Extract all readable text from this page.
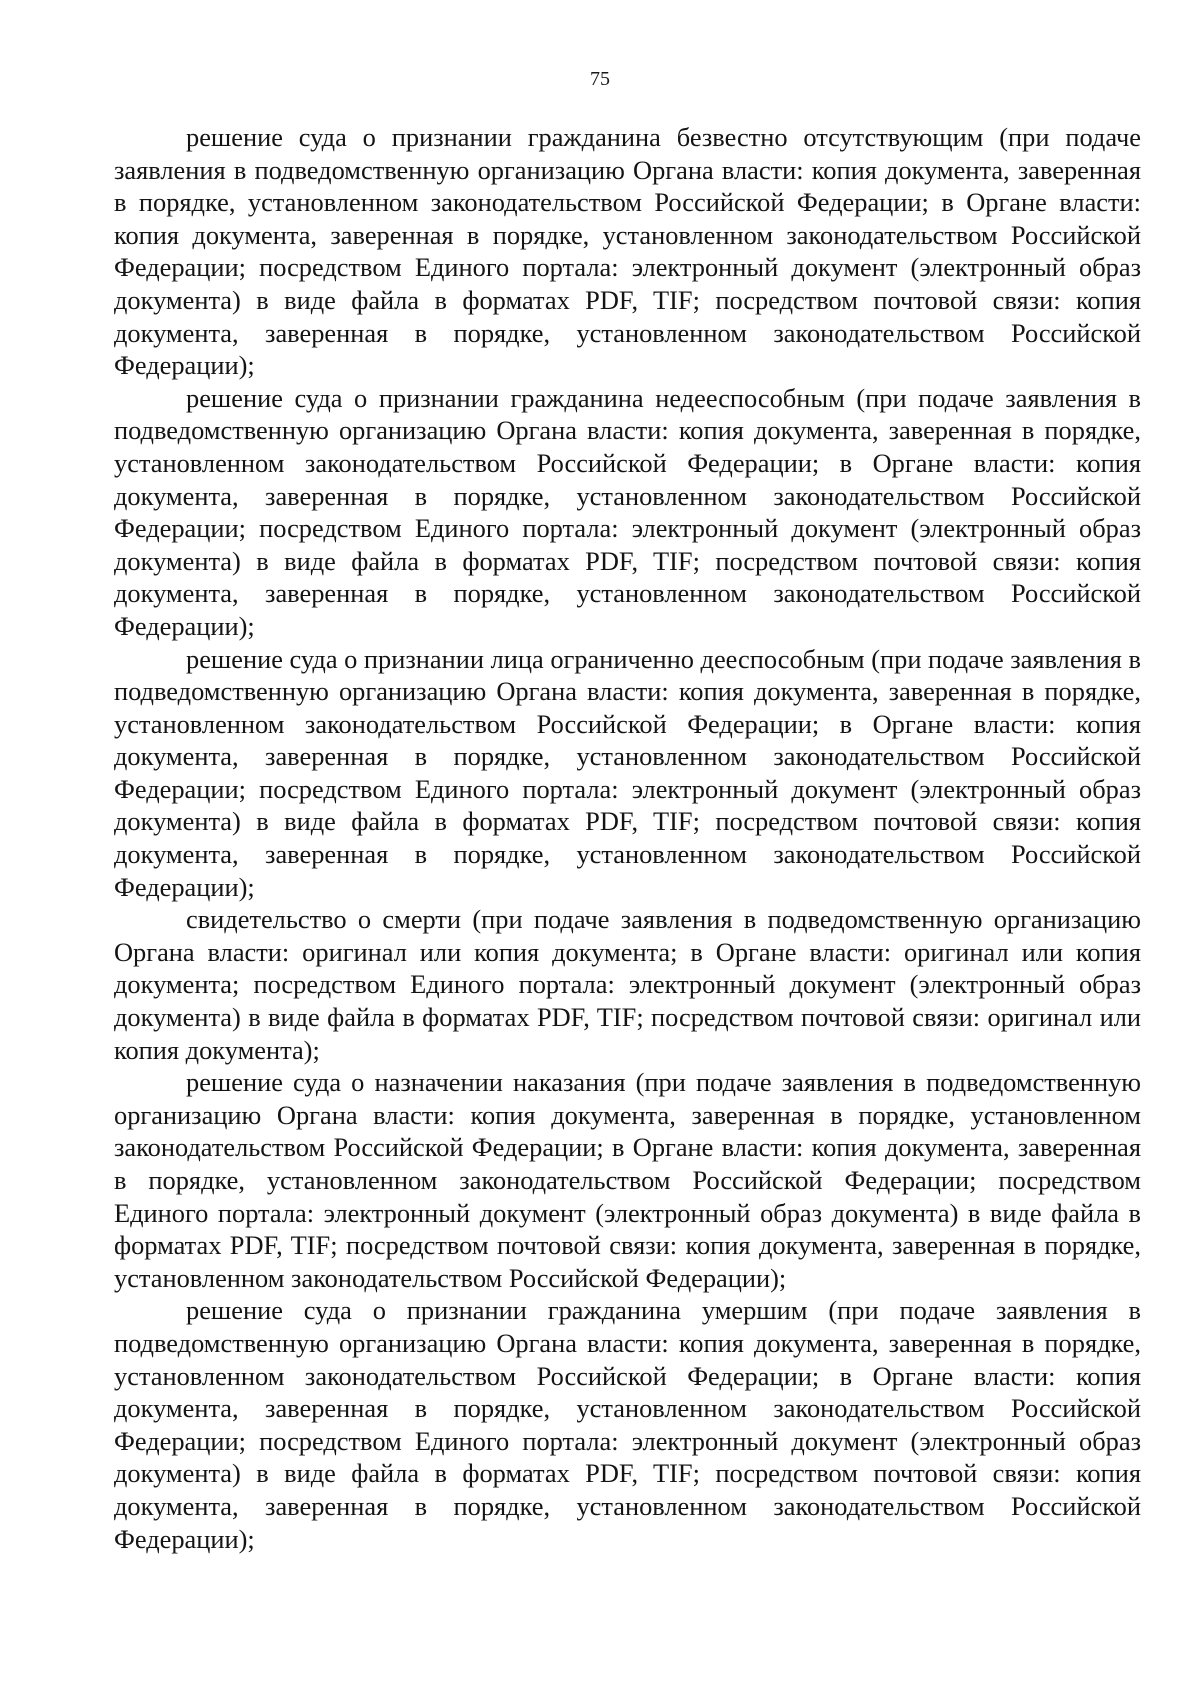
75

решение суда о признании гражданина безвестно отсутствующим (при подаче заявления в подведомственную организацию Органа власти: копия документа, заверенная в порядке, установленном законодательством Российской Федерации; в Органе власти: копия документа, заверенная в порядке, установленном законодательством Российской Федерации; посредством Единого портала: электронный документ (электронный образ документа) в виде файла в форматах PDF, TIF; посредством почтовой связи: копия документа, заверенная в порядке, установленном законодательством Российской Федерации);

решение суда о признании гражданина недееспособным (при подаче заявления в подведомственную организацию Органа власти: копия документа, заверенная в порядке, установленном законодательством Российской Федерации; в Органе власти: копия документа, заверенная в порядке, установленном законодательством Российской Федерации; посредством Единого портала: электронный документ (электронный образ документа) в виде файла в форматах PDF, TIF; посредством почтовой связи: копия документа, заверенная в порядке, установленном законодательством Российской Федерации);

решение суда о признании лица ограниченно дееспособным (при подаче заявления в подведомственную организацию Органа власти: копия документа, заверенная в порядке, установленном законодательством Российской Федерации; в Органе власти: копия документа, заверенная в порядке, установленном законодательством Российской Федерации; посредством Единого портала: электронный документ (электронный образ документа) в виде файла в форматах PDF, TIF; посредством почтовой связи: копия документа, заверенная в порядке, установленном законодательством Российской Федерации);

свидетельство о смерти (при подаче заявления в подведомственную организацию Органа власти: оригинал или копия документа; в Органе власти: оригинал или копия документа; посредством Единого портала: электронный документ (электронный образ документа) в виде файла в форматах PDF, TIF; посредством почтовой связи: оригинал или копия документа);

решение суда о назначении наказания (при подаче заявления в подведомственную организацию Органа власти: копия документа, заверенная в порядке, установленном законодательством Российской Федерации; в Органе власти: копия документа, заверенная в порядке, установленном законодательством Российской Федерации; посредством Единого портала: электронный документ (электронный образ документа) в виде файла в форматах PDF, TIF; посредством почтовой связи: копия документа, заверенная в порядке, установленном законодательством Российской Федерации);

решение суда о признании гражданина умершим (при подаче заявления в подведомственную организацию Органа власти: копия документа, заверенная в порядке, установленном законодательством Российской Федерации; в Органе власти: копия документа, заверенная в порядке, установленном законодательством Российской Федерации; посредством Единого портала: электронный документ (электронный образ документа) в виде файла в форматах PDF, TIF; посредством почтовой связи: копия документа, заверенная в порядке, установленном законодательством Российской Федерации);
